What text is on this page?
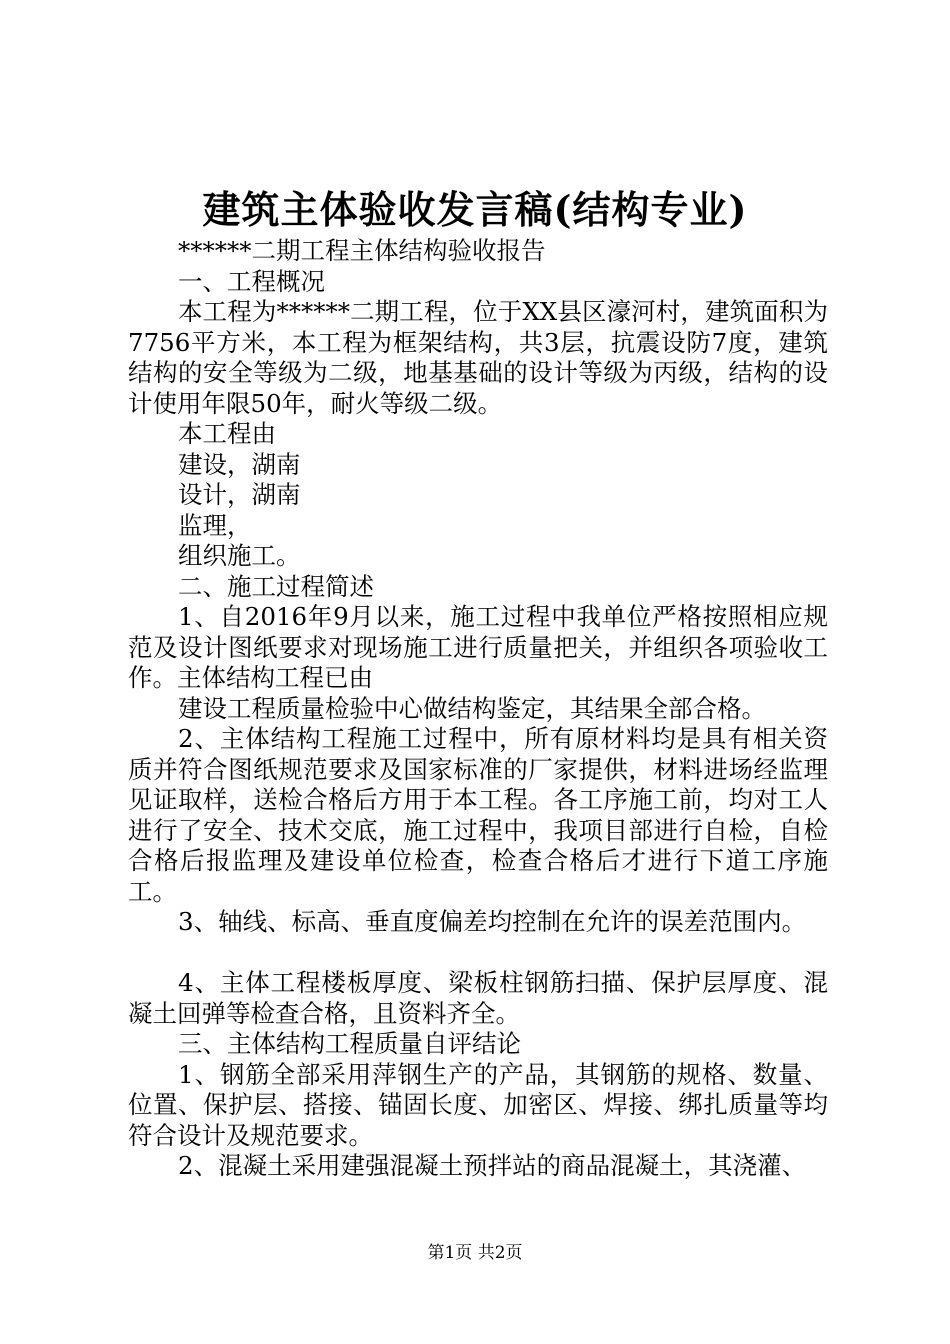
建筑主体验收发言稿(结构专业)

******二期工程主体结构验收报告

一、工程概况

本工程为******二期工程，位于XX县区濠河村，建筑面积为7756平方米，本工程为框架结构，共3层，抗震设防7度，建筑结构的安全等级为二级，地基基础的设计等级为丙级，结构的设计使用年限50年，耐火等级二级。

本工程由

建设，湖南

设计，湖南

监理，

组织施工。

二、施工过程简述

1、自2016年9月以来，施工过程中我单位严格按照相应规范及设计图纸要求对现场施工进行质量把关，并组织各项验收工作。主体结构工程已由

建设工程质量检验中心做结构鉴定，其结果全部合格。

2、主体结构工程施工过程中，所有原材料均是具有相关资质并符合图纸规范要求及国家标准的厂家提供，材料进场经监理见证取样，送检合格后方用于本工程。各工序施工前，均对工人进行了安全、技术交底，施工过程中，我项目部进行自检，自检合格后报监理及建设单位检查，检查合格后才进行下道工序施工。

3、轴线、标高、垂直度偏差均控制在允许的误差范围内。

4、主体工程楼板厚度、梁板柱钢筋扫描、保护层厚度、混凝土回弹等检查合格，且资料齐全。

三、主体结构工程质量自评结论

1、钢筋全部采用萍钢生产的产品，其钢筋的规格、数量、位置、保护层、搭接、锚固长度、加密区、焊接、绑扎质量等均符合设计及规范要求。

2、混凝土采用建强混凝土预拌站的商品混凝土，其浇灌、

第1页 共2页
